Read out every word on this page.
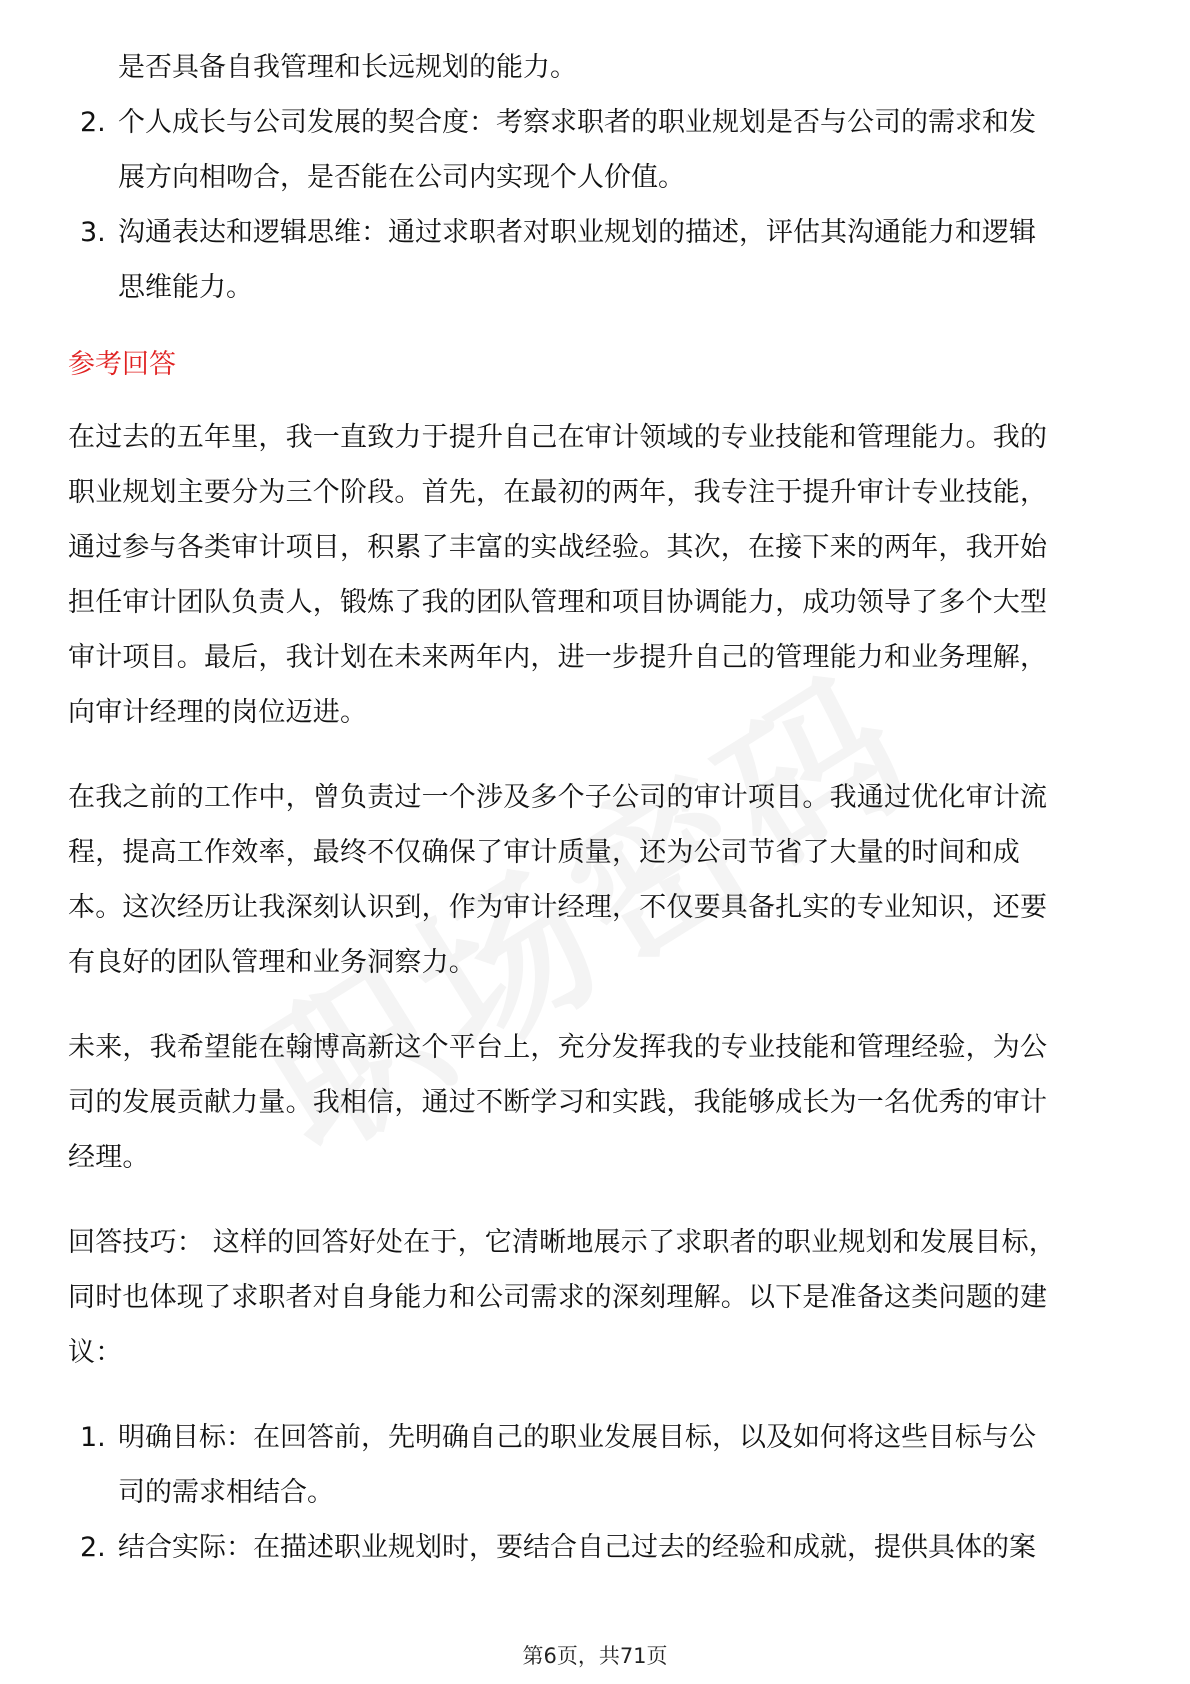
是否具备自我管理和长远规划的能力。

2. 个人成长与公司发展的契合度：考察求职者的职业规划是否与公司的需求和发

展方向相吻合，是否能在公司内实现个人价值。

3. 沟通表达和逻辑思维：通过求职者对职业规划的描述，评估其沟通能力和逻辑

思维能力。

参考回答

在过去的五年里，我一直致力于提升自己在审计领域的专业技能和管理能力。我的

职业规划主要分为三个阶段。首先，在最初的两年，我专注于提升审计专业技能，

通过参与各类审计项目，积累了丰富的实战经验。其次，在接下来的两年，我开始

担任审计团队负责人，锻炼了我的团队管理和项目协调能力，成功领导了多个大型

审计项目。最后，我计划在未来两年内，进一步提升自己的管理能力和业务理解，

向审计经理的岗位迈进。

在我之前的工作中，曾负责过一个涉及多个子公司的审计项目。我通过优化审计流

程，提高工作效率，最终不仅确保了审计质量，还为公司节省了大量的时间和成

本。这次经历让我深刻认识到，作为审计经理，不仅要具备扎实的专业知识，还要

有良好的团队管理和业务洞察力。

未来，我希望能在翰博高新这个平台上，充分发挥我的专业技能和管理经验，为公

司的发展贡献力量。我相信，通过不断学习和实践，我能够成长为一名优秀的审计

经理。

回答技巧： 这样的回答好处在于，它清晰地展示了求职者的职业规划和发展目标，

同时也体现了求职者对自身能力和公司需求的深刻理解。以下是准备这类问题的建

议：

1. 明确目标：在回答前，先明确自己的职业发展目标，以及如何将这些目标与公

司的需求相结合。

2. 结合实际：在描述职业规划时，要结合自己过去的经验和成就，提供具体的案
第6页，共71页
